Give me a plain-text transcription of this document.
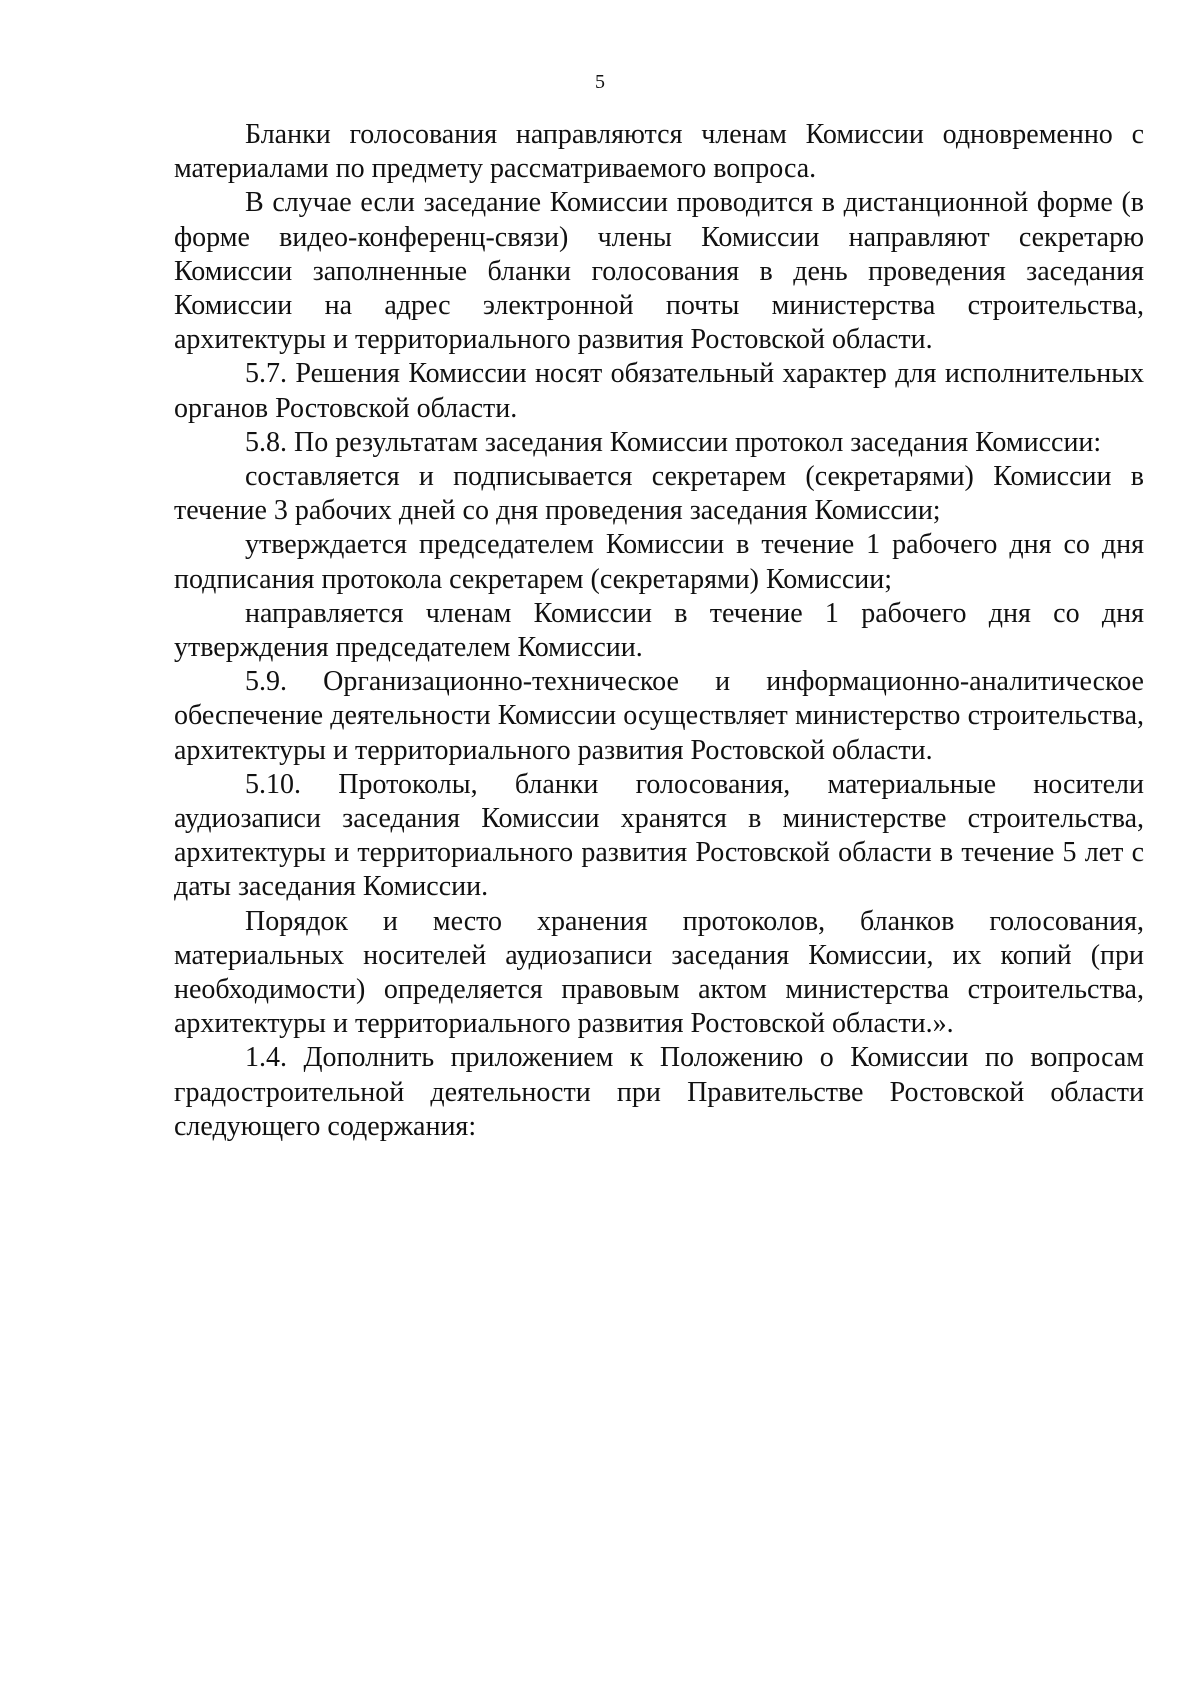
5

Бланки голосования направляются членам Комиссии одновременно с материалами по предмету рассматриваемого вопроса.

В случае если заседание Комиссии проводится в дистанционной форме (в форме видео-конференц-связи) члены Комиссии направляют секретарю Комиссии заполненные бланки голосования в день проведения заседания Комиссии на адрес электронной почты министерства строительства, архитектуры и территориального развития Ростовской области.

5.7. Решения Комиссии носят обязательный характер для исполнительных органов Ростовской области.

5.8. По результатам заседания Комиссии протокол заседания Комиссии:

составляется и подписывается секретарем (секретарями) Комиссии в течение 3 рабочих дней со дня проведения заседания Комиссии;

утверждается председателем Комиссии в течение 1 рабочего дня со дня подписания протокола секретарем (секретарями) Комиссии;

направляется членам Комиссии в течение 1 рабочего дня со дня утверждения председателем Комиссии.

5.9. Организационно-техническое и информационно-аналитическое обеспечение деятельности Комиссии осуществляет министерство строительства, архитектуры и территориального развития Ростовской области.

5.10. Протоколы, бланки голосования, материальные носители аудиозаписи заседания Комиссии хранятся в министерстве строительства, архитектуры и территориального развития Ростовской области в течение 5 лет с даты заседания Комиссии.

Порядок и место хранения протоколов, бланков голосования, материальных носителей аудиозаписи заседания Комиссии, их копий (при необходимости) определяется правовым актом министерства строительства, архитектуры и территориального развития Ростовской области.».

1.4. Дополнить приложением к Положению о Комиссии по вопросам градостроительной деятельности при Правительстве Ростовской области следующего содержания:
